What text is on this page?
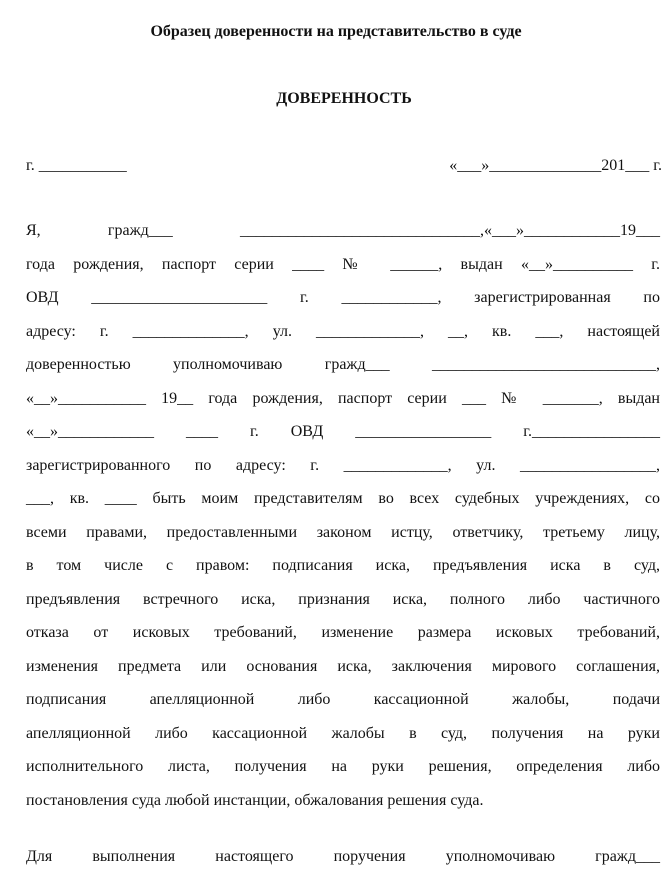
Образец доверенности на представительство в суде
ДОВЕРЕННОСТЬ
г. ___________	«___»______________201___ г.
Я, гражд___ ______________________________,«___»____________19___
года рождения, паспорт серии ____ № ______, выдан «__»__________ г.
ОВД ______________________ г. ____________, зарегистрированная по
адресу: г. ______________, ул. _____________, __, кв. ___, настоящей
доверенностью уполномочиваю гражд___ ____________________________,
«__»___________ 19__ года рождения, паспорт серии ___ № _______, выдан
«__»____________ ____ г. ОВД _________________ г.________________
зарегистрированного по адресу: г. _____________, ул. _________________,
___, кв. ____ быть моим представителям во всех судебных учреждениях, со
всеми правами, предоставленными законом истцу, ответчику, третьему лицу,
в том числе с правом: подписания иска, предъявления иска в суд,
предъявления встречного иска, признания иска, полного либо частичного
отказа от исковых требований, изменение размера исковых требований,
изменения предмета или основания иска, заключения мирового соглашения,
подписания апелляционной либо кассационной жалобы, подачи
апелляционной либо кассационной жалобы в суд, получения на руки
исполнительного листа, получения на руки решения, определения либо
постановления суда любой инстанции, обжалования решения суда.
Для выполнения настоящего поручения уполномочиваю гражд___
